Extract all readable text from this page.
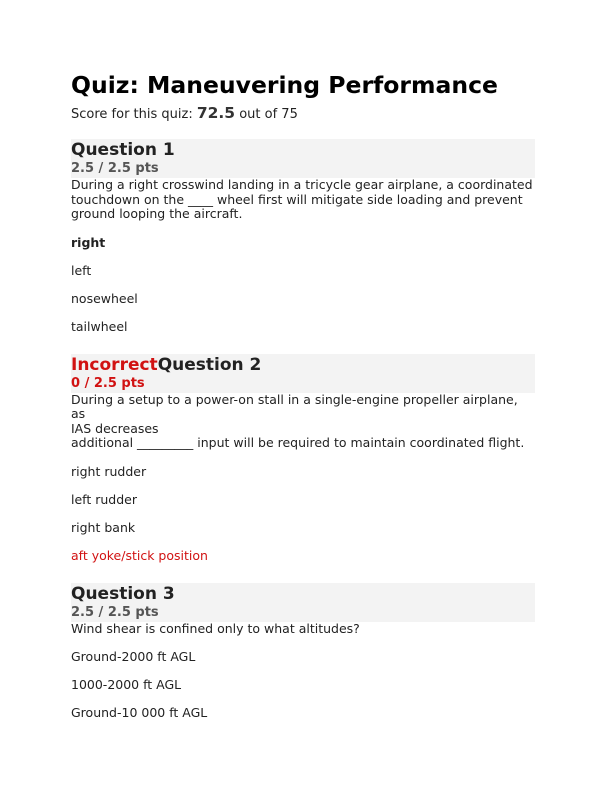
Quiz: Maneuvering Performance
Score for this quiz: 72.5 out of 75
Question 1
2.5 / 2.5 pts

During a right crosswind landing in a tricycle gear airplane, a coordinated
touchdown on the ____ wheel first will mitigate side loading and prevent
ground looping the aircraft.

right
left
nosewheel
tailwheel
IncorrectQuestion 2
0 / 2.5 pts

During a setup to a power-on stall in a single-engine propeller airplane, as
IAS decreases
additional _________ input will be required to maintain coordinated flight.

right rudder
left rudder
right bank
aft yoke/stick position
Question 3
2.5 / 2.5 pts

Wind shear is confined only to what altitudes?

Ground-2000 ft AGL
1000-2000 ft AGL
Ground-10 000 ft AGL
